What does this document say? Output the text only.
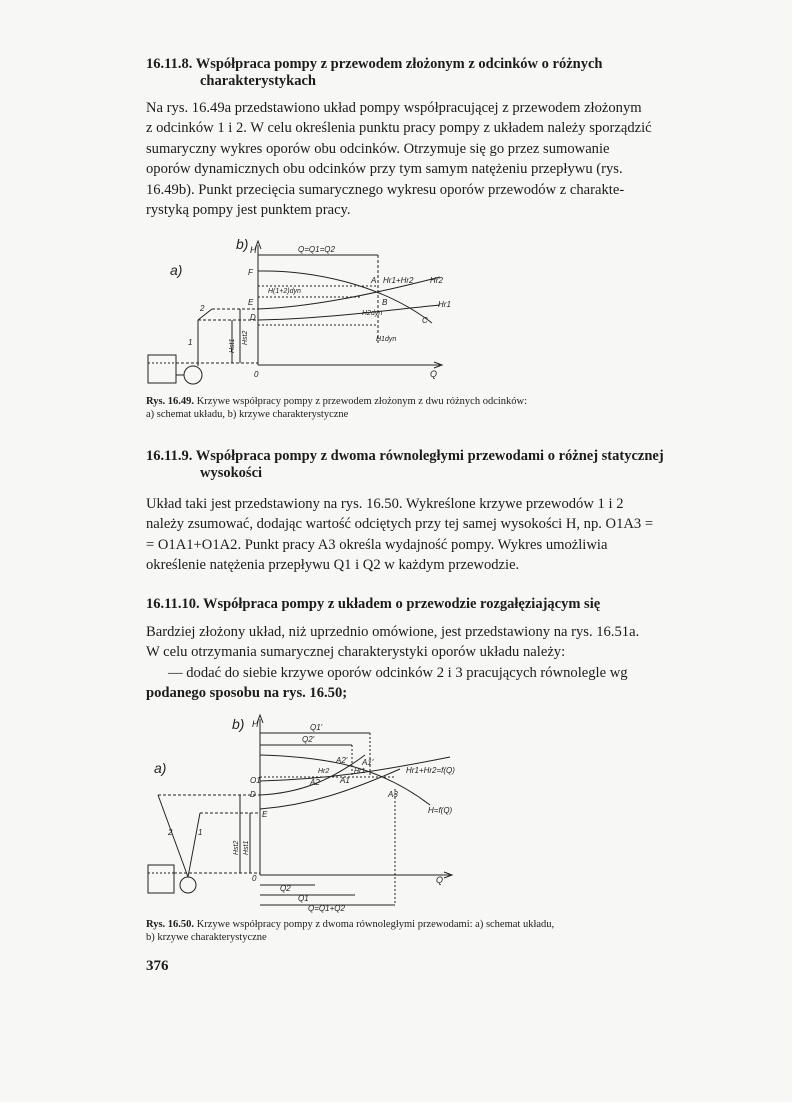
16.11.8. Współpraca pompy z przewodem złożonym z odcinków o różnych
charakterystykach

Na rys. 16.49a przedstawiono układ pompy współpracującej z przewodem złożonym

z odcinków 1 i 2. W celu określenia punktu pracy pompy z układem należy sporządzić

sumaryczny wykres oporów obu odcinków. Otrzymuje się go przez sumowanie

oporów dynamicznych obu odcinków przy tym samym natężeniu przepływu (rys.

16.49b). Punkt przecięcia sumarycznego wykresu oporów przewodów z charakte-

rystyką pompy jest punktem pracy.

b) H	Q=Q1=Q2
a)	F
E
D
0	Q
A
B
C
Hr1+Hr2 Hr2
Hr1
H(1+2)dyn
H2dyn
H1dyn
Hst1
Hst2
1
2
Rys. 16.49. Krzywe współpracy pompy z przewodem złożonym z dwu różnych odcinków:
a) schemat układu, b) krzywe charakterystyczne
16.11.9. Współpraca pompy z dwoma równoległymi przewodami o różnej statycznej
wysokości

Układ taki jest przedstawiony na rys. 16.50. Wykreślone krzywe przewodów 1 i 2

należy zsumować, dodając wartość odciętych przy tej samej wysokości H, np. O1A3 =

= O1A1+O1A2. Punkt pracy A3 określa wydajność pompy. Wykres umożliwia

określenie natężenia przepływu Q1 i Q2 w każdym przewodzie.

16.11.10. Współpraca pompy z układem o przewodzie rozgałęziającym się

Bardziej złożony układ, niż uprzednio omówione, jest przedstawiony na rys. 16.51a.

W celu otrzymania sumarycznej charakterystyki oporów układu należy:

— dodać do siebie krzywe oporów odcinków 2 i 3 pracujących równolegle wg

podanego sposobu na rys. 16.50;

b) H	Q1'
Q2'
a)
O1
D
E
0	Q
A2' A1'
Hr2	Hr1
A2	A1
A3
Hr1+Hr2=f(Q)
H=f(Q)
Q2
Q1
Q=Q1+Q2
Hst2 Hst1
2	1
Rys. 16.50. Krzywe współpracy pompy z dwoma równoległymi przewodami: a) schemat układu,
b) krzywe charakterystyczne
376
